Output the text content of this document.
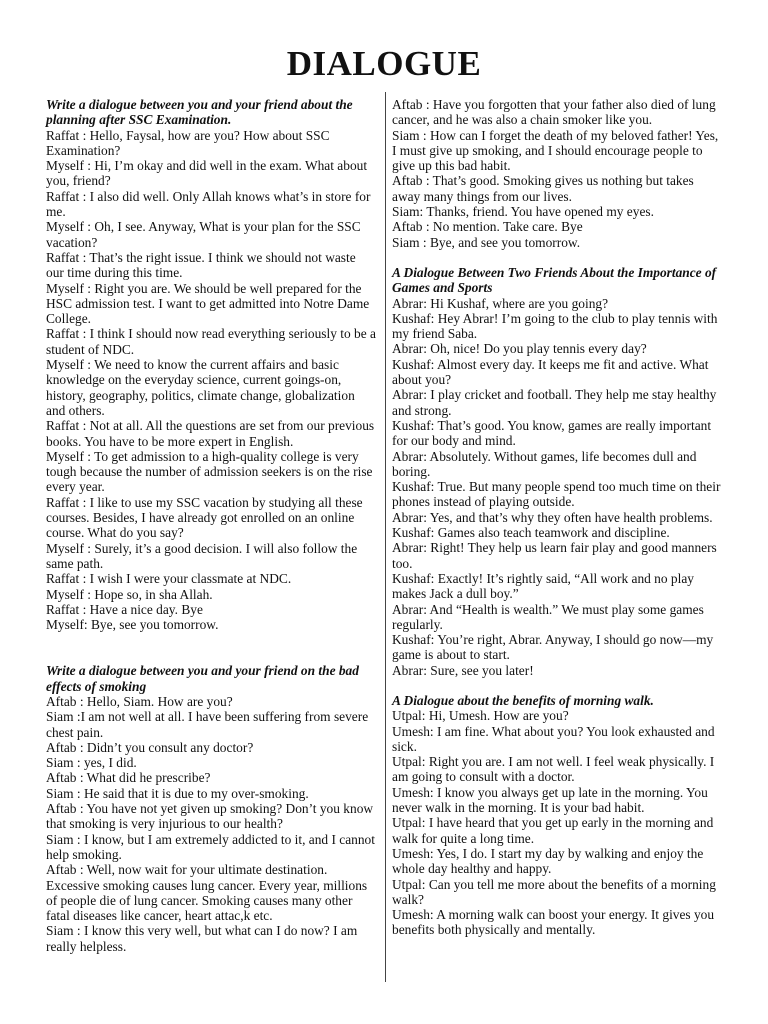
DIALOGUE
Write a dialogue between you and your friend about the planning after SSC Examination.
Raffat : Hello, Faysal, how are you? How about SSC Examination?
Myself : Hi, I’m okay and did well in the exam. What about you, friend?
Raffat : I also did well. Only Allah knows what’s in store for me.
Myself : Oh, I see. Anyway, What is your plan for the SSC vacation?
Raffat : That’s the right issue. I think we should not waste our time during this time.
Myself : Right you are. We should be well prepared for the HSC admission test. I want to get admitted into Notre Dame College.
Raffat : I think I should now read everything seriously to be a student of NDC.
Myself : We need to know the current affairs and basic knowledge on the everyday science, current goings-on, history, geography, politics, climate change, globalization and others.
Raffat : Not at all. All the questions are set from our previous books. You have to be more expert in English.
Myself : To get admission to a high-quality college is very tough because the number of admission seekers is on the rise every year.
Raffat : I like to use my SSC vacation by studying all these courses. Besides, I have already got enrolled on an online course. What do you say?
Myself : Surely, it’s a good decision. I will also follow the same path.
Raffat : I wish I were your classmate at NDC.
Myself : Hope so, in sha Allah.
Raffat : Have a nice day. Bye
Myself: Bye, see you tomorrow.
Write a dialogue between you and your friend on the bad effects of smoking
Aftab : Hello, Siam. How are you?
Siam :I am not well at all. I have been suffering from severe chest pain.
Aftab : Didn’t you consult any doctor?
Siam : yes, I did.
Aftab : What did he prescribe?
Siam : He said that it is due to my over-smoking.
Aftab : You have not yet given up smoking? Don’t you know that smoking is very injurious to our health?
Siam : I know, but I am extremely addicted to it, and I cannot help smoking.
Aftab : Well, now wait for your ultimate destination. Excessive smoking causes lung cancer. Every year, millions of people die of lung cancer. Smoking causes many other fatal diseases like cancer, heart attac,k etc.
Siam : I know this very well, but what can I do now? I am really helpless.
Aftab : Have you forgotten that your father also died of lung cancer, and he was also a chain smoker like you.
Siam : How can I forget the death of my beloved father! Yes, I must give up smoking, and I should encourage people to give up this bad habit.
Aftab : That’s good. Smoking gives us nothing but takes away many things from our lives.
Siam: Thanks, friend. You have opened my eyes.
Aftab : No mention. Take care. Bye
Siam : Bye, and see you tomorrow.
A Dialogue Between Two Friends About the Importance of Games and Sports
Abrar: Hi Kushaf, where are you going?
Kushaf: Hey Abrar! I’m going to the club to play tennis with my friend Saba.
Abrar: Oh, nice! Do you play tennis every day?
Kushaf: Almost every day. It keeps me fit and active. What about you?
Abrar: I play cricket and football. They help me stay healthy and strong.
Kushaf: That’s good. You know, games are really important for our body and mind.
Abrar: Absolutely. Without games, life becomes dull and boring.
Kushaf: True. But many people spend too much time on their phones instead of playing outside.
Abrar: Yes, and that’s why they often have health problems.
Kushaf: Games also teach teamwork and discipline.
Abrar: Right! They help us learn fair play and good manners too.
Kushaf: Exactly! It’s rightly said, “All work and no play makes Jack a dull boy.”
Abrar: And “Health is wealth.” We must play some games regularly.
Kushaf: You’re right, Abrar. Anyway, I should go now—my game is about to start.
Abrar: Sure, see you later!
A Dialogue about the benefits of morning walk.
Utpal: Hi, Umesh. How are you?
Umesh: I am fine. What about you? You look exhausted and sick.
Utpal: Right you are. I am not well. I feel weak physically. I am going to consult with a doctor.
Umesh: I know you always get up late in the morning. You never walk in the morning. It is your bad habit.
Utpal: I have heard that you get up early in the morning and walk for quite a long time.
Umesh: Yes, I do. I start my day by walking and enjoy the whole day healthy and happy.
Utpal: Can you tell me more about the benefits of a morning walk?
Umesh: A morning walk can boost your energy. It gives you benefits both physically and mentally.
